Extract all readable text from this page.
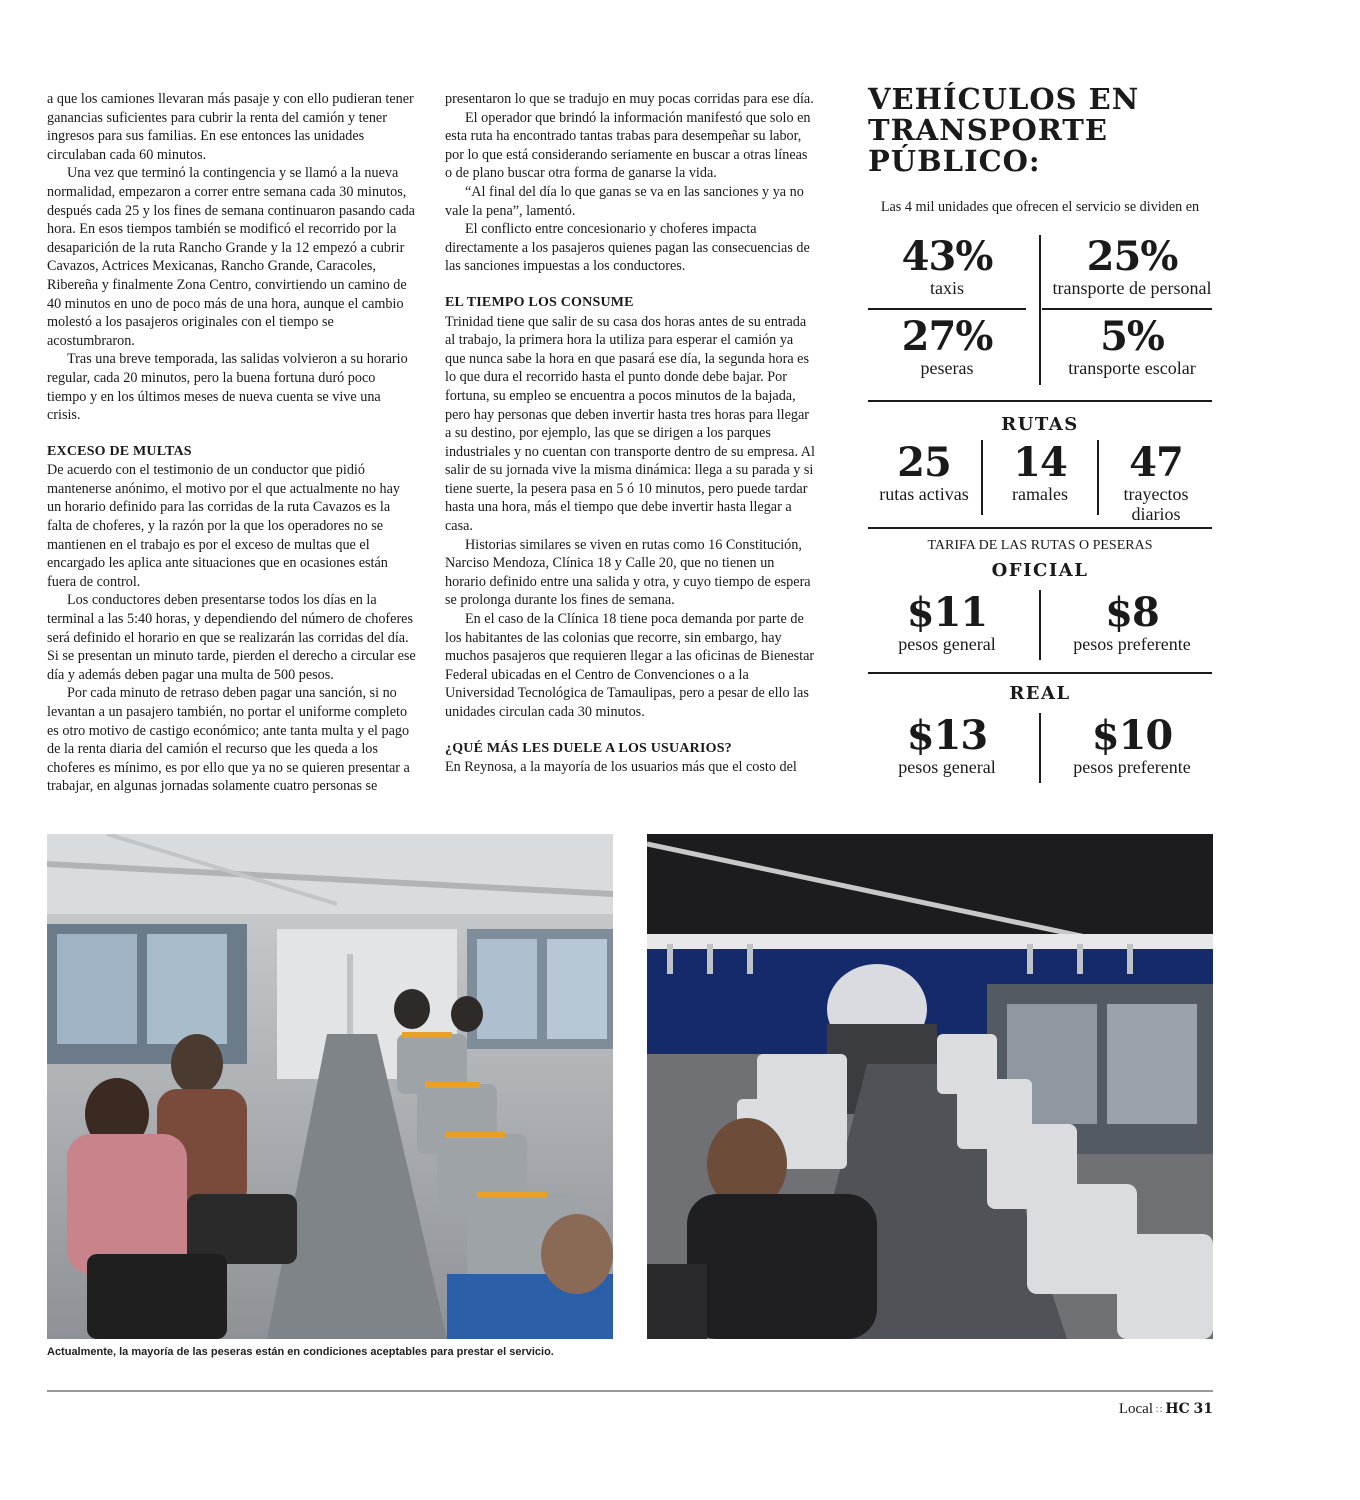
a que los camiones llevaran más pasaje y con ello pudieran tener ganancias suficientes para cubrir la renta del camión y tener ingresos para sus familias. En ese entonces las unidades circulaban cada 60 minutos.

Una vez que terminó la contingencia y se llamó a la nueva normalidad, empezaron a correr entre semana cada 30 minutos, después cada 25 y los fines de semana continuaron pasando cada hora. En esos tiempos también se modificó el recorrido por la desaparición de la ruta Rancho Grande y la 12 empezó a cubrir Cavazos, Actrices Mexicanas, Rancho Grande, Caracoles, Ribereña y finalmente Zona Centro, convirtiendo un camino de 40 minutos en uno de poco más de una hora, aunque el cambio molestó a los pasajeros originales con el tiempo se acostumbraron.

Tras una breve temporada, las salidas volvieron a su horario regular, cada 20 minutos, pero la buena fortuna duró poco tiempo y en los últimos meses de nueva cuenta se vive una crisis.

EXCESO DE MULTAS

De acuerdo con el testimonio de un conductor que pidió mantenerse anónimo, el motivo por el que actualmente no hay un horario definido para las corridas de la ruta Cavazos es la falta de choferes, y la razón por la que los operadores no se mantienen en el trabajo es por el exceso de multas que el encargado les aplica ante situaciones que en ocasiones están fuera de control.

Los conductores deben presentarse todos los días en la terminal a las 5:40 horas, y dependiendo del número de choferes será definido el horario en que se realizarán las corridas del día. Si se presentan un minuto tarde, pierden el derecho a circular ese día y además deben pagar una multa de 500 pesos.

Por cada minuto de retraso deben pagar una sanción, si no levantan a un pasajero también, no portar el uniforme completo es otro motivo de castigo económico; ante tanta multa y el pago de la renta diaria del camión el recurso que les queda a los choferes es mínimo, es por ello que ya no se quieren presentar a trabajar, en algunas jornadas solamente cuatro personas se

presentaron lo que se tradujo en muy pocas corridas para ese día.

El operador que brindó la información manifestó que solo en esta ruta ha encontrado tantas trabas para desempeñar su labor, por lo que está considerando seriamente en buscar a otras líneas o de plano buscar otra forma de ganarse la vida.

“Al final del día lo que ganas se va en las sanciones y ya no vale la pena”, lamentó.

El conflicto entre concesionario y choferes impacta directamente a los pasajeros quienes pagan las consecuencias de las sanciones impuestas a los conductores.

EL TIEMPO LOS CONSUME

Trinidad tiene que salir de su casa dos horas antes de su entrada al trabajo, la primera hora la utiliza para esperar el camión ya que nunca sabe la hora en que pasará ese día, la segunda hora es lo que dura el recorrido hasta el punto donde debe bajar. Por fortuna, su empleo se encuentra a pocos minutos de la bajada, pero hay personas que deben invertir hasta tres horas para llegar a su destino, por ejemplo, las que se dirigen a los parques industriales y no cuentan con transporte dentro de su empresa. Al salir de su jornada vive la misma dinámica: llega a su parada y si tiene suerte, la pesera pasa en 5 ó 10 minutos, pero puede tardar hasta una hora, más el tiempo que debe invertir hasta llegar a casa.

Historias similares se viven en rutas como 16 Constitución, Narciso Mendoza, Clínica 18 y Calle 20, que no tienen un horario definido entre una salida y otra, y cuyo tiempo de espera se prolonga durante los fines de semana.

En el caso de la Clínica 18 tiene poca demanda por parte de los habitantes de las colonias que recorre, sin embargo, hay muchos pasajeros que requieren llegar a las oficinas de Bienestar Federal ubicadas en el Centro de Convenciones o a la Universidad Tecnológica de Tamaulipas, pero a pesar de ello las unidades circulan cada 30 minutos.

¿QUÉ MÁS LES DUELE A LOS USUARIOS?

En Reynosa, a la mayoría de los usuarios más que el costo del

VEHÍCULOS EN
TRANSPORTE
PÚBLICO:
Las 4 mil unidades que ofrecen el servicio se dividen en
43%
taxis
25%
transporte de personal
27%
peseras
5%
transporte escolar
RUTAS
25
rutas activas
14
ramales
47
trayectos diarios
TARIFA DE LAS RUTAS O PESERAS
OFICIAL
$11
pesos general
$8
pesos preferente
REAL
$13
pesos general
$10
pesos preferente
Actualmente, la mayoría de las peseras están en condiciones aceptables para prestar el servicio.
Local ∷ HC 31
